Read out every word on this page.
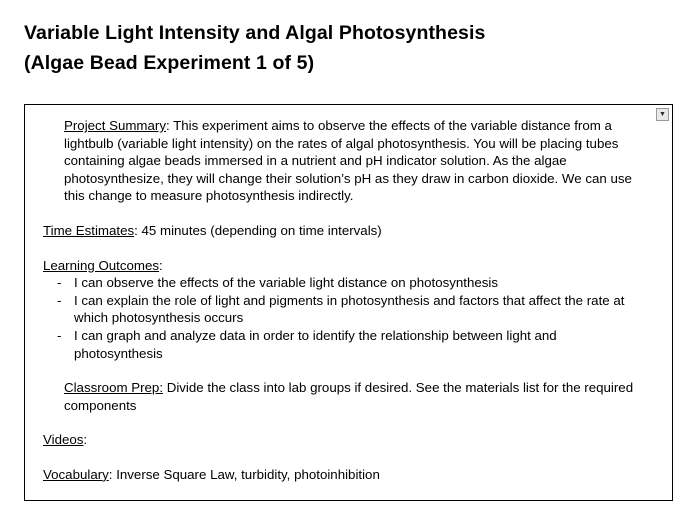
Variable Light Intensity and Algal Photosynthesis
(Algae Bead Experiment 1 of 5)
Project Summary: This experiment aims to observe the effects of the variable distance from a lightbulb (variable light intensity) on the rates of algal photosynthesis. You will be placing tubes containing algae beads immersed in a nutrient and pH indicator solution. As the algae photosynthesize, they will change their solution’s pH as they draw in carbon dioxide. We can use this change to measure photosynthesis indirectly.
Time Estimates: 45 minutes (depending on time intervals)
Learning Outcomes:
- I can observe the effects of the variable light distance on photosynthesis
- I can explain the role of light and pigments in photosynthesis and factors that affect the rate at which photosynthesis occurs
- I can graph and analyze data in order to identify the relationship between light and photosynthesis
Classroom Prep: Divide the class into lab groups if desired. See the materials list for the required components
Videos:
Vocabulary: Inverse Square Law, turbidity, photoinhibition
▼
